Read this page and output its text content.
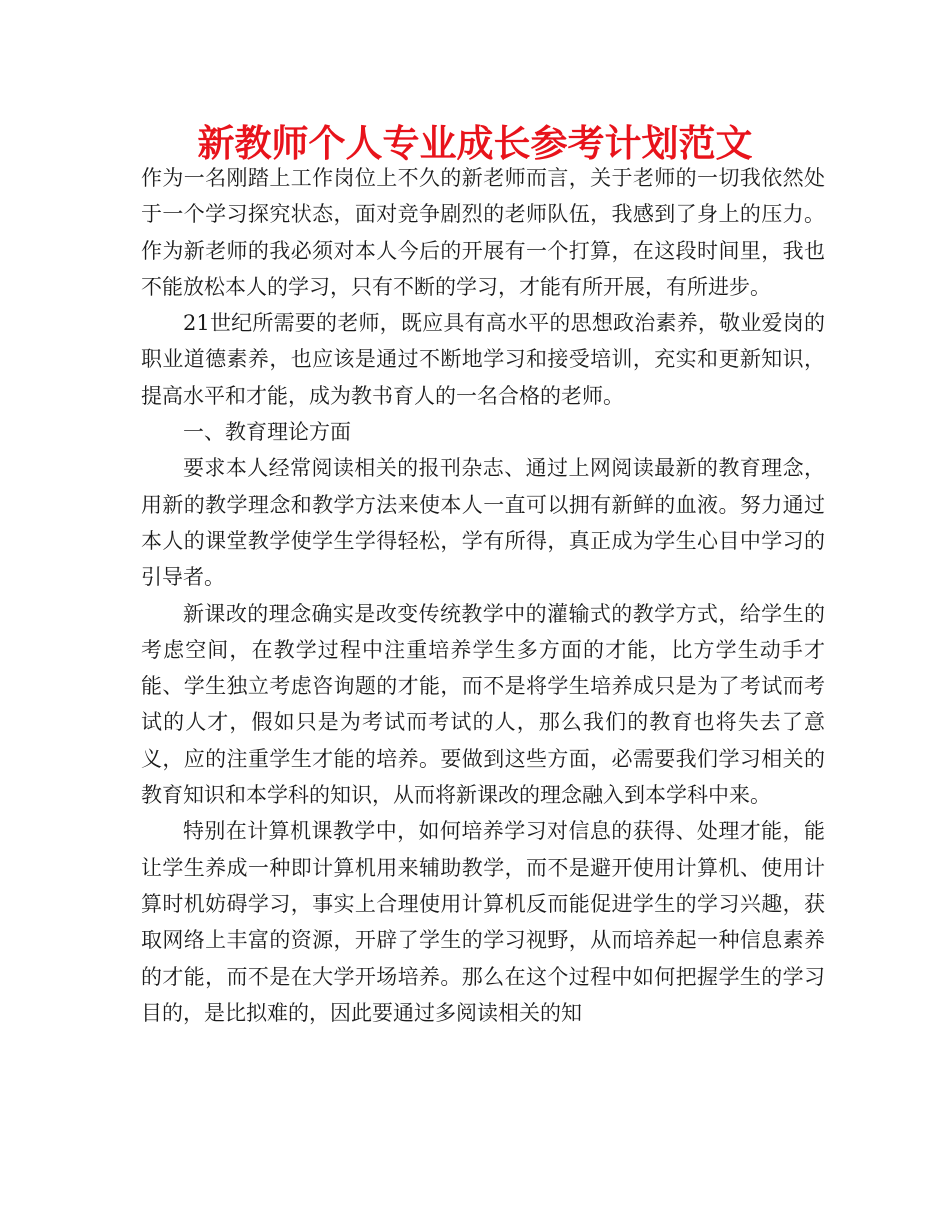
新教师个人专业成长参考计划范文

作为一名刚踏上工作岗位上不久的新老师而言，关于老师的一切我依然处于一个学习探究状态，面对竞争剧烈的老师队伍，我感到了身上的压力。作为新老师的我必须对本人今后的开展有一个打算，在这段时间里，我也不能放松本人的学习，只有不断的学习，才能有所开展，有所进步。

21世纪所需要的老师，既应具有高水平的思想政治素养，敬业爱岗的职业道德素养，也应该是通过不断地学习和接受培训，充实和更新知识，提高水平和才能，成为教书育人的一名合格的老师。

一、教育理论方面

要求本人经常阅读相关的报刊杂志、通过上网阅读最新的教育理念，用新的教学理念和教学方法来使本人一直可以拥有新鲜的血液。努力通过本人的课堂教学使学生学得轻松，学有所得，真正成为学生心目中学习的引导者。

新课改的理念确实是改变传统教学中的灌输式的教学方式，给学生的考虑空间，在教学过程中注重培养学生多方面的才能，比方学生动手才能、学生独立考虑咨询题的才能，而不是将学生培养成只是为了考试而考试的人才，假如只是为考试而考试的人，那么我们的教育也将失去了意义，应的注重学生才能的培养。要做到这些方面，必需要我们学习相关的教育知识和本学科的知识，从而将新课改的理念融入到本学科中来。

特别在计算机课教学中，如何培养学习对信息的获得、处理才能，能让学生养成一种即计算机用来辅助教学，而不是避开使用计算机、使用计算时机妨碍学习，事实上合理使用计算机反而能促进学生的学习兴趣，获取网络上丰富的资源，开辟了学生的学习视野，从而培养起一种信息素养的才能，而不是在大学开场培养。那么在这个过程中如何把握学生的学习目的，是比拟难的，因此要通过多阅读相关的知
